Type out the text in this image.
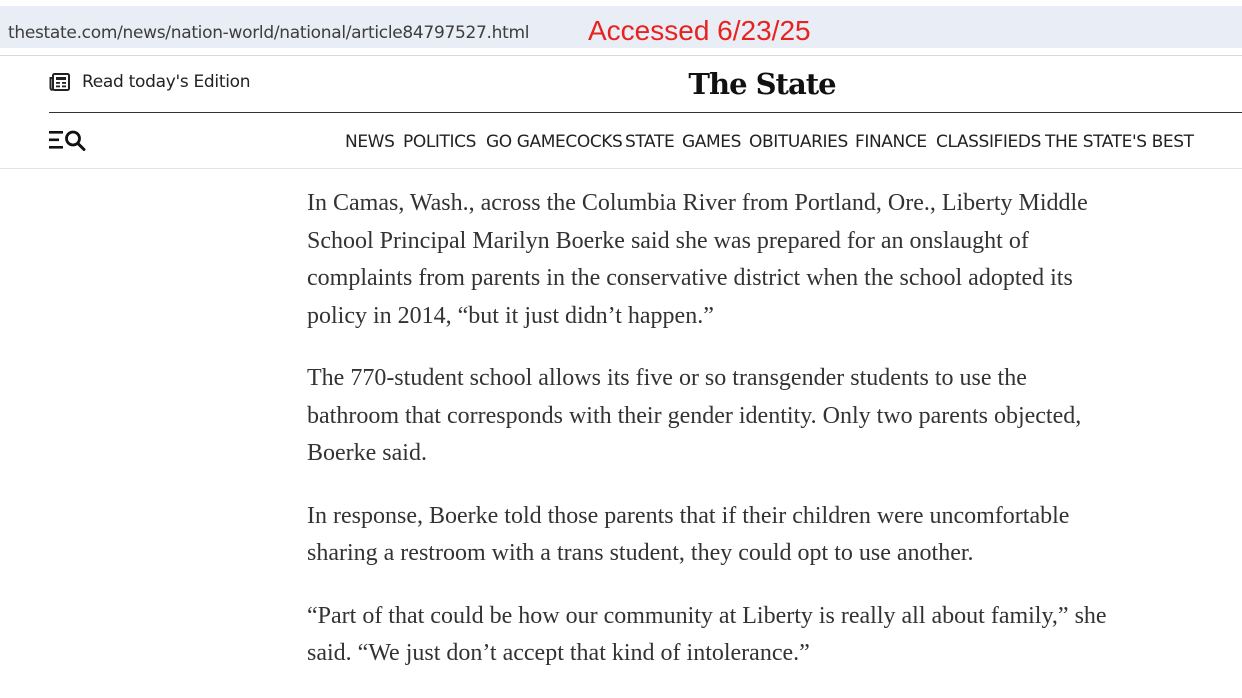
thestate.com/news/nation-world/national/article84797527.html Accessed 6/23/25
Read today's Edition	The State
NEWS POLITICS GO GAMECOCKS STATE GAMES OBITUARIES FINANCE CLASSIFIEDS THE STATE'S BEST

In Camas, Wash., across the Columbia River from Portland, Ore., Liberty Middle
School Principal Marilyn Boerke said she was prepared for an onslaught of
complaints from parents in the conservative district when the school adopted its
policy in 2014, “but it just didn’t happen.”

The 770-student school allows its five or so transgender students to use the
bathroom that corresponds with their gender identity. Only two parents objected,
Boerke said.

In response, Boerke told those parents that if their children were uncomfortable
sharing a restroom with a trans student, they could opt to use another.

“Part of that could be how our community at Liberty is really all about family,” she
said. “We just don’t accept that kind of intolerance.”
